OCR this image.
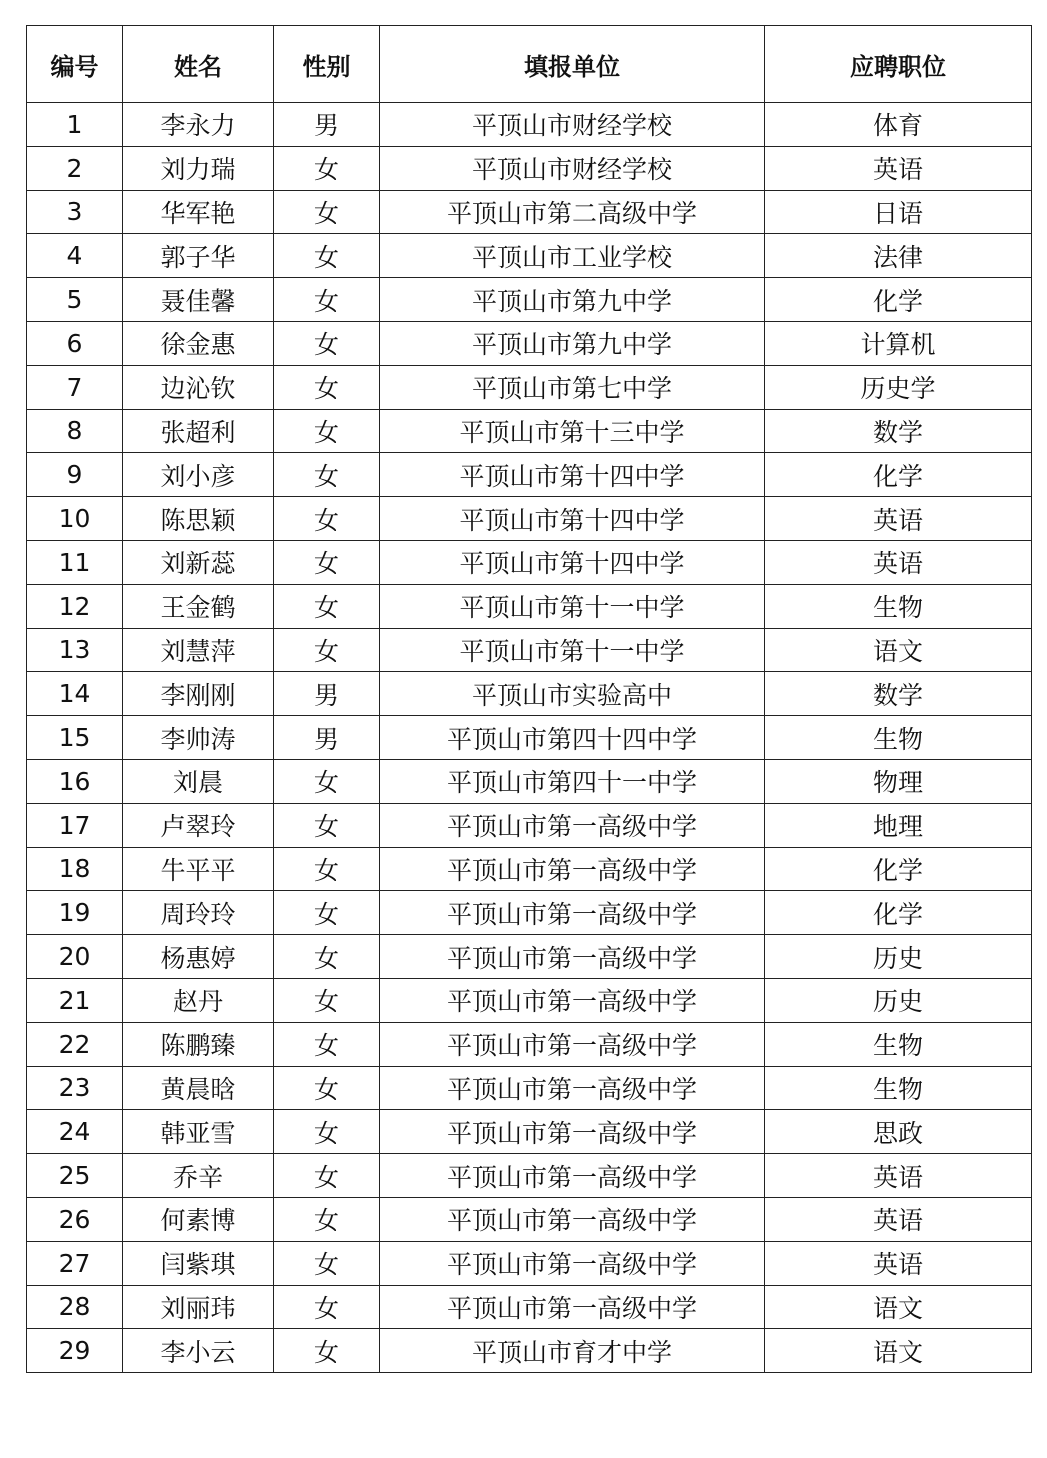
编号	姓名	性别	填报单位	应聘职位
1	李永力	男	平顶山市财经学校	体育
2	刘力瑞	女	平顶山市财经学校	英语
3	华军艳	女	平顶山市第二高级中学	日语
4	郭子华	女	平顶山市工业学校	法律
5	聂佳馨	女	平顶山市第九中学	化学
6	徐金惠	女	平顶山市第九中学	计算机
7	边沁钦	女	平顶山市第七中学	历史学
8	张超利	女	平顶山市第十三中学	数学
9	刘小彦	女	平顶山市第十四中学	化学
10	陈思颖	女	平顶山市第十四中学	英语
11	刘新蕊	女	平顶山市第十四中学	英语
12	王金鹤	女	平顶山市第十一中学	生物
13	刘慧萍	女	平顶山市第十一中学	语文
14	李刚刚	男	平顶山市实验高中	数学
15	李帅涛	男	平顶山市第四十四中学	生物
16	刘晨	女	平顶山市第四十一中学	物理
17	卢翠玲	女	平顶山市第一高级中学	地理
18	牛平平	女	平顶山市第一高级中学	化学
19	周玲玲	女	平顶山市第一高级中学	化学
20	杨惠婷	女	平顶山市第一高级中学	历史
21	赵丹	女	平顶山市第一高级中学	历史
22	陈鹏臻	女	平顶山市第一高级中学	生物
23	黄晨晗	女	平顶山市第一高级中学	生物
24	韩亚雪	女	平顶山市第一高级中学	思政
25	乔辛	女	平顶山市第一高级中学	英语
26	何素博	女	平顶山市第一高级中学	英语
27	闫紫琪	女	平顶山市第一高级中学	英语
28	刘丽玮	女	平顶山市第一高级中学	语文
29	李小云	女	平顶山市育才中学	语文
